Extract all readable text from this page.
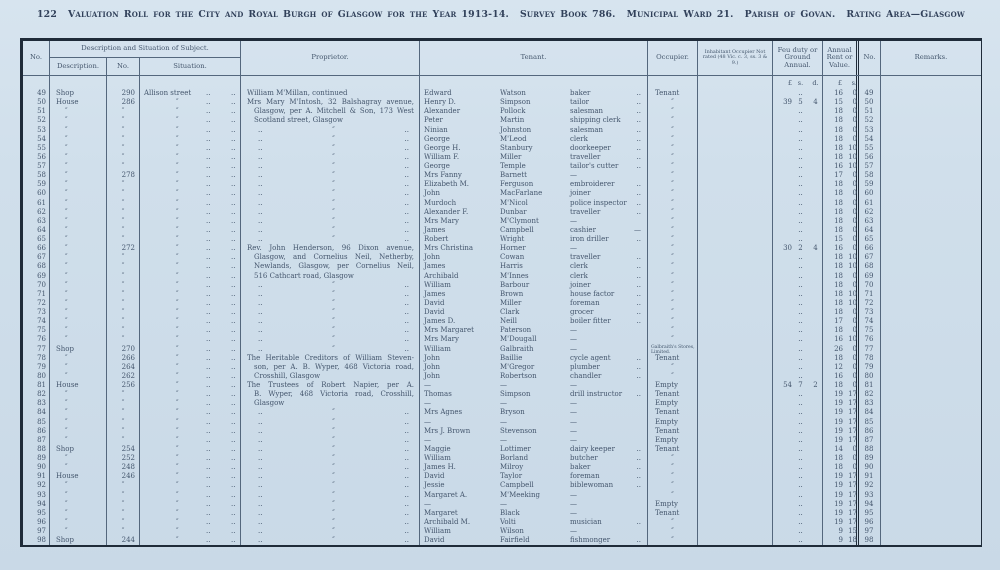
122 Valuation Roll for the City and Royal Burgh of Glasgow for the Year 1913-14. Survey Book 786. Municipal Ward 21. Parish of Govan. Rating Area—Glasgow
No.
Description and Situation of Subject.
Description.	No.	Situation.
Proprietor.	Tenant.	Occupier.
Inhabitant Occupier Not rated (48 Vic. c. 3, ss. 3 & 9.)
Feu duty or Ground Annual.
Annual Rent or Value.
No.	Remarks.
£ s.	d.	£	s.
49	Shop	290	Allison street ..	..	William M'Millan, continued	Edward	Watson	baker	..	Tenant	..	16	0	49
50	House	286	″	..	..	Mrs Mary M'Intosh, 32 Balshagray avenue,	Henry D.	Simpson	tailor	..	″	39 5	4	15	0	50
51	″	″	″	..	..	Glasgow, per A. Mitchell & Son, 173 West	Alexander	Pollock	salesman	..	″	..	18	0	51
52	″	″	″	..	..	Scotland street, Glasgow	Peter	Martin	shipping clerk	..	″	..	18	0	52
53	″	″	″	..	..	..	″	..	Ninian	Johnston	salesman	..	″	..	18	0	53
54	″	″	″	..	..	..	″	..	George	M'Leod	clerk	..	″	..	18	0	54
55	″	″	″	..	..	..	″	..	George H.	Stanbury	doorkeeper	..	″	..	18 10	55
56	″	″	″	..	..	..	″	..	William F.	Miller	traveller	..	″	..	18 10	56
57	″	″	″	..	..	..	″	..	George	Temple	tailor's cutter	..	″	..	16 10	57
58	″	278	″	..	..	..	″	..	Mrs Fanny	Barnett	—	″	..	17	0	58
59	″	″	″	..	..	..	″	..	Elizabeth M.	Ferguson	embroiderer	..	″	..	18	0	59
60	″	″	″	..	..	..	″	..	John	MacFarlane	joiner	..	″	..	18	0	60
61	″	″	″	..	..	..	″	..	Murdoch	M'Nicol	police inspector	..	″	..	18	0	61
62	″	″	″	..	..	..	″	..	Alexander F.	Dunbar	traveller	..	″	..	18	0	62
63	″	″	″	..	..	..	″	..	Mrs Mary	M'Clymont	—	″	..	18	0	63
64	″	″	″	..	..	..	″	..	James	Campbell	cashier	—	″	..	18	0	64
65	″	″	″	..	..	..	″	..	Robert	Wright	iron driller	..	″	..	15	0	65
66	″	272	″	..	..	Rev. John Henderson, 96 Dixon avenue,	Mrs Christina	Horner	—	″	30 2	4	16	0	66
67	″	″	″	..	..	Glasgow, and Cornelius Neil, Netherby,	John	Cowan	traveller	..	″	..	18 10	67
68	″	″	″	..	..	Newlands, Glasgow, per Cornelius Neil,	James	Harris	clerk	..	″	..	18 10	68
69	″	″	″	..	..	516 Cathcart road, Glasgow	Archibald	M'Innes	clerk	..	″	..	18	0	69
70	″	″	″	..	..	..	″	..	William	Barbour	joiner	..	″	..	18	0	70
71	″	″	″	..	..	..	″	..	James	Brown	house factor	..	″	..	18 10	71
72	″	″	″	..	..	..	″	..	David	Miller	foreman	..	″	..	18 10	72
73	″	″	″	..	..	..	″	..	David	Clark	grocer	..	″	..	18	0	73
74	″	″	″	..	..	..	″	..	James D.	Neill	boiler fitter	..	″	..	17	0	74
75	″	″	″	..	..	..	″	..	Mrs Margaret	Paterson	—	″	..	18	0	75
76	″	″	″	..	..	..	″	..	Mrs Mary	M'Dougall	—	″	..	16 10	76
77	Shop	270	″	..	..	..	″	..	William	Galbraith	—	Galbraith's Stores, Limited.	..	26	0	77
78	″	266	″	..	..	The Heritable Creditors of William Steven-	John	Baillie	cycle agent	..	Tenant	..	18	0	78
79	″	264	″	..	..	son, per A. B. Wyper, 468 Victoria road,	John	M'Gregor	plumber	..	″	..	12	0	79
80	″	262	″	..	..	Crosshill, Glasgow	John	Robertson	chandler	..	″	..	16	0	80
81	House	256	″	..	..	The Trustees of Robert Napier, per A.	—	—	—	Empty	54 7	2	18	0	81
82	″	″	″	..	..	B. Wyper, 468 Victoria road, Crosshill,	Thomas	Simpson	drill instructor	..	Tenant	..	19 17	82
83	″	″	″	..	..	Glasgow	—	—	—	Empty	..	19 17	83
84	″	″	″	..	..	..	″	..	Mrs Agnes	Bryson	—	Tenant	..	19 17	84
85	″	″	″	..	..	..	″	..	—	—	—	Empty	..	19 17	85
86	″	″	″	..	..	..	″	..	Mrs J. Brown	Stevenson	—	Tenant	..	19 17	86
87	″	″	″	..	..	..	″	..	—	—	—	Empty	..	19 17	87
88	Shop	254	″	..	..	..	″	..	Maggie	Lottimer	dairy keeper	..	Tenant	..	14	0	88
89	″	252	″	..	..	..	″	..	William	Borland	butcher	..	″	..	18	0	89
90	″	248	″	..	..	..	″	..	James H.	Milroy	baker	..	″	..	18	0	90
91	House	246	″	..	..	..	″	..	David	Taylor	foreman	..	″	..	19 17	91
92	″	″	″	..	..	..	″	..	Jessie	Campbell	biblewoman	..	″	..	19 17	92
93	″	″	″	..	..	..	″	..	Margaret A.	M'Meeking	—	″	..	19 17	93
94	″	″	″	..	..	..	″	..	—	—	—	Empty	..	19 17	94
95	″	″	″	..	..	..	″	..	Margaret	Black	—	Tenant	..	19 17	95
96	″	″	″	..	..	..	″	..	Archibald M.	Volti	musician	..	″	..	19 17	96
97	″	″	″	..	..	..	″	..	William	Wilson	—	″	..	9 15	97
98	Shop	244	″	..	..	..	″	..	David	Fairfield	fishmonger	..	″	..	9 18	98
